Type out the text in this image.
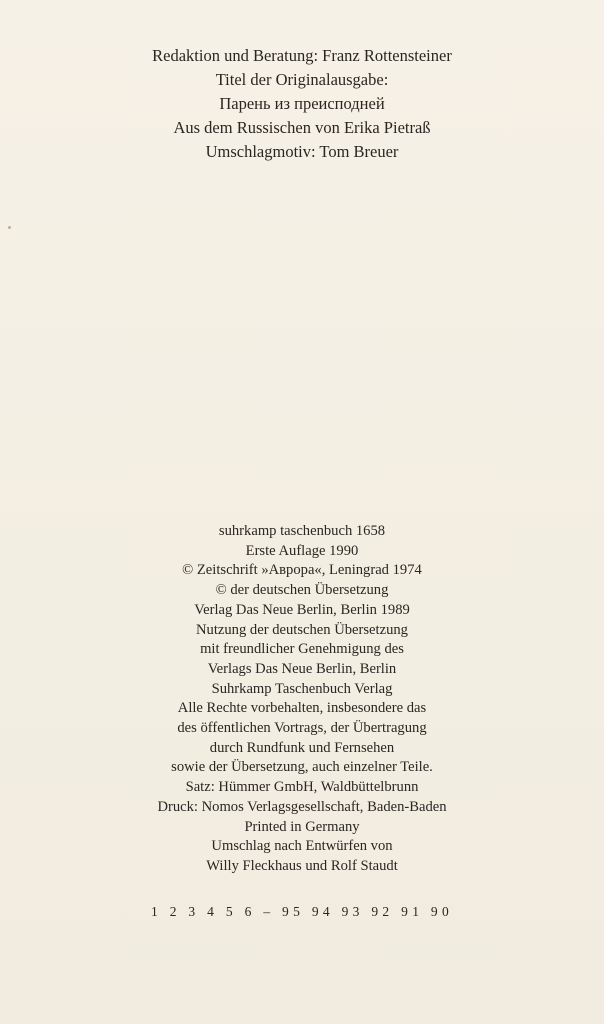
Redaktion und Beratung: Franz Rottensteiner
Titel der Originalausgabe:
Парень из преисподней
Aus dem Russischen von Erika Pietraß
Umschlagmotiv: Tom Breuer
suhrkamp taschenbuch 1658
Erste Auflage 1990
© Zeitschrift »Аврора«, Leningrad 1974
© der deutschen Übersetzung
Verlag Das Neue Berlin, Berlin 1989
Nutzung der deutschen Übersetzung
mit freundlicher Genehmigung des
Verlags Das Neue Berlin, Berlin
Suhrkamp Taschenbuch Verlag
Alle Rechte vorbehalten, insbesondere das
des öffentlichen Vortrags, der Übertragung
durch Rundfunk und Fernsehen
sowie der Übersetzung, auch einzelner Teile.
Satz: Hümmer GmbH, Waldbüttelbrunn
Druck: Nomos Verlagsgesellschaft, Baden-Baden
Printed in Germany
Umschlag nach Entwürfen von
Willy Fleckhaus und Rolf Staudt
1 2 3 4 5 6 – 95 94 93 92 91 90
